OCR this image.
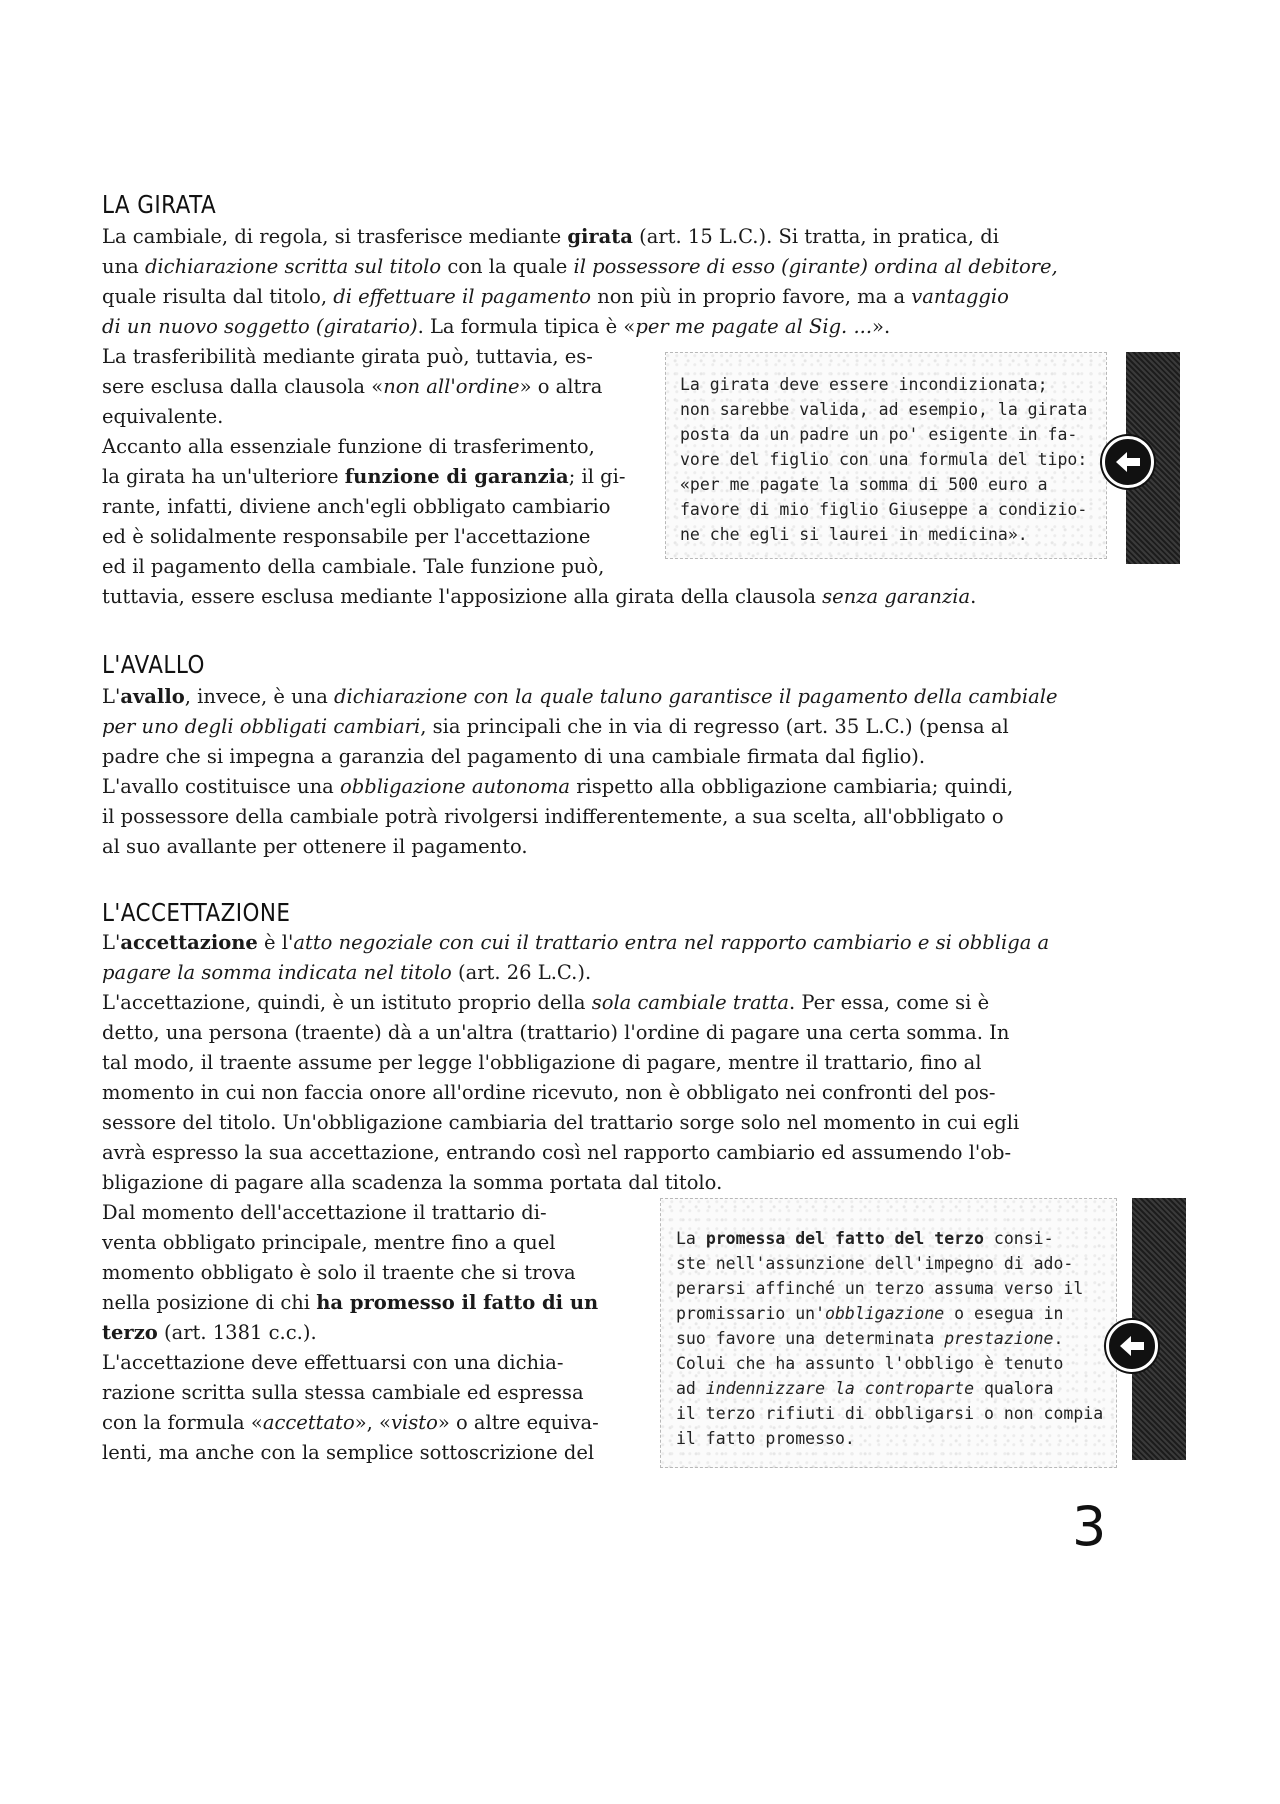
LA GIRATA
La cambiale, di regola, si trasferisce mediante girata (art. 15 L.C.). Si tratta, in pratica, di
una dichiarazione scritta sul titolo con la quale il possessore di esso (girante) ordina al debitore,
quale risulta dal titolo, di effettuare il pagamento non più in proprio favore, ma a vantaggio
di un nuovo soggetto (giratario). La formula tipica è «per me pagate al Sig. ...».
La trasferibilità mediante girata può, tuttavia, es-
sere esclusa dalla clausola «non all'ordine» o altra
equivalente.
Accanto alla essenziale funzione di trasferimento,
la girata ha un'ulteriore funzione di garanzia; il gi-
rante, infatti, diviene anch'egli obbligato cambiario
ed è solidalmente responsabile per l'accettazione
ed il pagamento della cambiale. Tale funzione può,
tuttavia, essere esclusa mediante l'apposizione alla girata della clausola senza garanzia.
La girata deve essere incondizionata;
non sarebbe valida, ad esempio, la girata
posta da un padre un po' esigente in fa-
vore del figlio con una formula del tipo:
«per me pagate la somma di 500 euro a
favore di mio figlio Giuseppe a condizio-
ne che egli si laurei in medicina».
L'AVALLO
L'avallo, invece, è una dichiarazione con la quale taluno garantisce il pagamento della cambiale
per uno degli obbligati cambiari, sia principali che in via di regresso (art. 35 L.C.) (pensa al
padre che si impegna a garanzia del pagamento di una cambiale firmata dal figlio).
L'avallo costituisce una obbligazione autonoma rispetto alla obbligazione cambiaria; quindi,
il possessore della cambiale potrà rivolgersi indifferentemente, a sua scelta, all'obbligato o
al suo avallante per ottenere il pagamento.
L'ACCETTAZIONE
L'accettazione è l'atto negoziale con cui il trattario entra nel rapporto cambiario e si obbliga a
pagare la somma indicata nel titolo (art. 26 L.C.).
L'accettazione, quindi, è un istituto proprio della sola cambiale tratta. Per essa, come si è
detto, una persona (traente) dà a un'altra (trattario) l'ordine di pagare una certa somma. In
tal modo, il traente assume per legge l'obbligazione di pagare, mentre il trattario, fino al
momento in cui non faccia onore all'ordine ricevuto, non è obbligato nei confronti del pos-
sessore del titolo. Un'obbligazione cambiaria del trattario sorge solo nel momento in cui egli
avrà espresso la sua accettazione, entrando così nel rapporto cambiario ed assumendo l'ob-
bligazione di pagare alla scadenza la somma portata dal titolo.
Dal momento dell'accettazione il trattario di-
venta obbligato principale, mentre fino a quel
momento obbligato è solo il traente che si trova
nella posizione di chi ha promesso il fatto di un
terzo (art. 1381 c.c.).
L'accettazione deve effettuarsi con una dichia-
razione scritta sulla stessa cambiale ed espressa
con la formula «accettato», «visto» o altre equiva-
lenti, ma anche con la semplice sottoscrizione del
La promessa del fatto del terzo consi-
ste nell'assunzione dell'impegno di ado-
perarsi affinché un terzo assuma verso il
promissario un'obbligazione o esegua in
suo favore una determinata prestazione.
Colui che ha assunto l'obbligo è tenuto
ad indennizzare la controparte qualora
il terzo rifiuti di obbligarsi o non compia
il fatto promesso.
3
